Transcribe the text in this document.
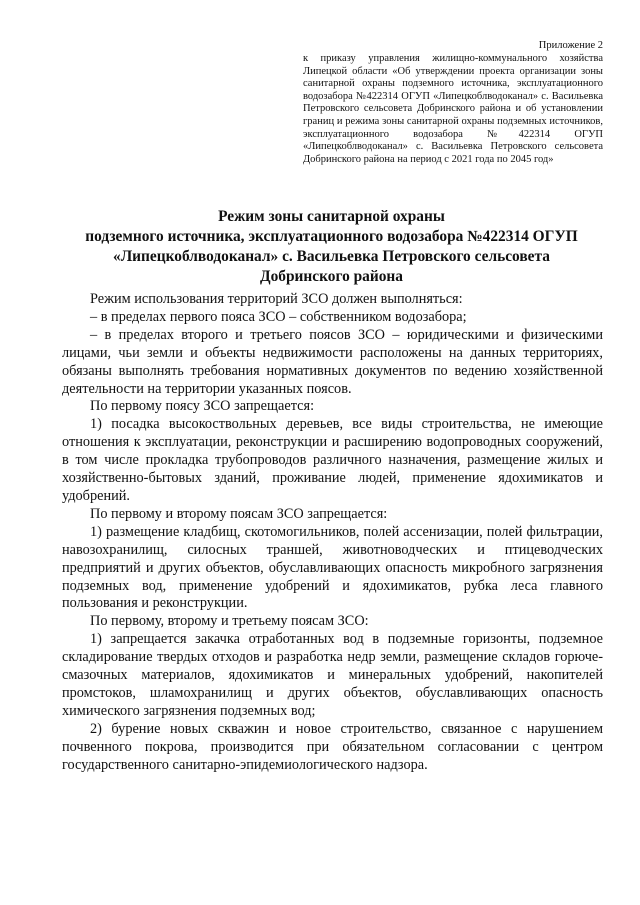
Приложение 2
к приказу управления жилищно-коммунального хозяйства Липецкой области «Об утверждении проекта организации зоны санитарной охраны подземного источника, эксплуатационного водозабора №422314 ОГУП «Липецкоблводоканал» с. Васильевка Петровского сельсовета Добринского района и об установлении границ и режима зоны санитарной охраны подземных источников, эксплуатационного водозабора №422314 ОГУП «Липецкоблводоканал» с. Васильевка Петровского сельсовета Добринского района на период с 2021 года по 2045 год»
Режим зоны санитарной охраны
подземного источника, эксплуатационного водозабора №422314 ОГУП
«Липецкоблводоканал» с. Васильевка Петровского сельсовета
Добринского района

Режим использования территорий ЗСО должен выполняться:

– в пределах первого пояса ЗСО – собственником водозабора;

– в пределах второго и третьего поясов ЗСО – юридическими и физическими лицами, чьи земли и объекты недвижимости расположены на данных территориях, обязаны выполнять требования нормативных документов по ведению хозяйственной деятельности на территории указанных поясов.

По первому поясу ЗСО запрещается:

1) посадка высокоствольных деревьев, все виды строительства, не имеющие отношения к эксплуатации, реконструкции и расширению водопроводных сооружений, в том числе прокладка трубопроводов различного назначения, размещение жилых и хозяйственно-бытовых зданий, проживание людей, применение ядохимикатов и удобрений.

По первому и второму поясам ЗСО запрещается:

1) размещение кладбищ, скотомогильников, полей ассенизации, полей фильтрации, навозохранилищ, силосных траншей, животноводческих и птицеводческих предприятий и других объектов, обуславливающих опасность микробного загрязнения подземных вод, применение удобрений и ядохимикатов, рубка леса главного пользования и реконструкции.

По первому, второму и третьему поясам ЗСО:

1) запрещается закачка отработанных вод в подземные горизонты, подземное складирование твердых отходов и разработка недр земли, размещение складов горюче-смазочных материалов, ядохимикатов и минеральных удобрений, накопителей промстоков, шламохранилищ и других объектов, обуславливающих опасность химического загрязнения подземных вод;

2) бурение новых скважин и новое строительство, связанное с нарушением почвенного покрова, производится при обязательном согласовании с центром государственного санитарно-эпидемиологического надзора.
